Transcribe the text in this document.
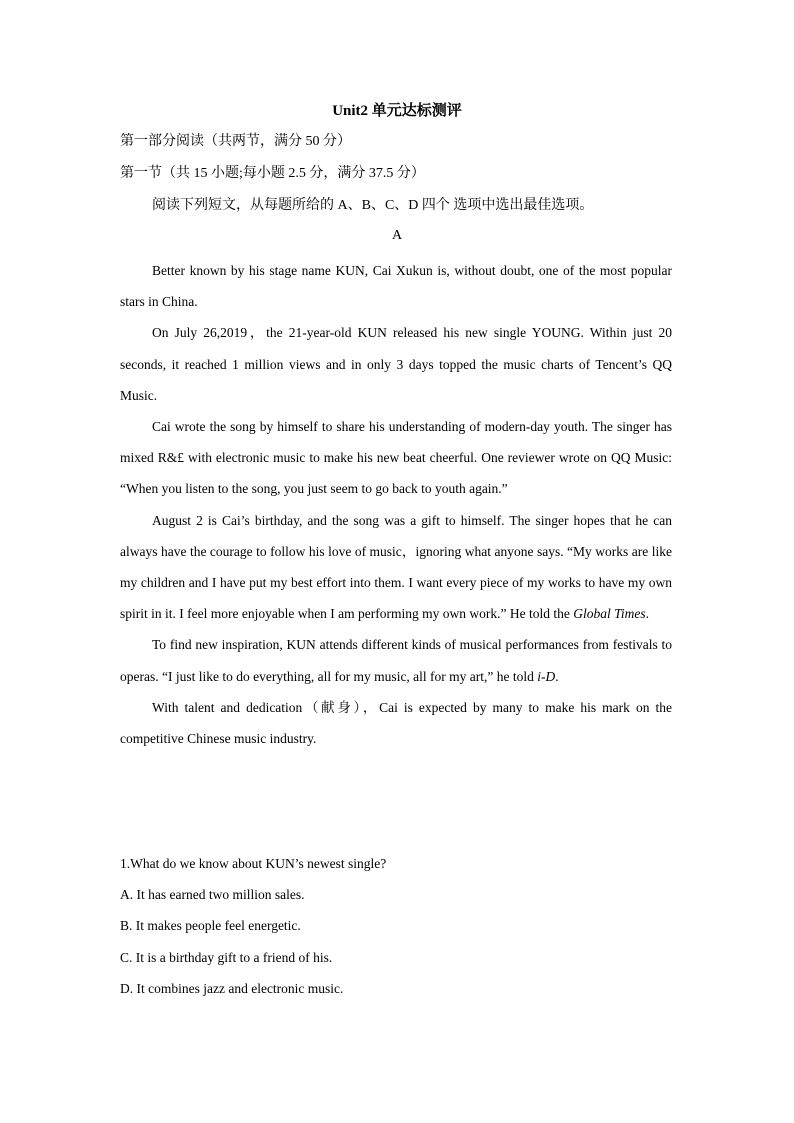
Unit2 单元达标测评
第一部分阅读（共两节，满分 50 分）
第一节（共 15 小题;每小题 2.5 分，满分 37.5 分）
阅读下列短文，从每题所给的 A、B、C、D 四个 选项中选出最佳选项。
A

Better known by his stage name KUN, Cai Xukun is, without doubt, one of the most popular stars in China.

On July 26,2019，the 21-year-old KUN released his new single YOUNG. Within just 20 seconds, it reached 1 million views and in only 3 days topped the music charts of Tencent’s QQ Music.

Cai wrote the song by himself to share his understanding of modern-day youth. The singer has mixed R&£ with electronic music to make his new beat cheerful. One reviewer wrote on QQ Music: “When you listen to the song, you just seem to go back to youth again.”

August 2 is Cai’s birthday, and the song was a gift to himself. The singer hopes that he can always have the courage to follow his love of music，ignoring what anyone says. “My works are like my children and I have put my best effort into them. I want every piece of my works to have my own spirit in it. I feel more enjoyable when I am performing my own work.” He told the Global Times.

To find new inspiration, KUN attends different kinds of musical performances from festivals to operas. “I just like to do everything, all for my music, all for my art,” he told i-D.

With talent and dedication（献身），Cai is expected by many to make his mark on the competitive Chinese music industry.

1.What do we know about KUN’s newest single?
A. It has earned two million sales.
B. It makes people feel energetic.
C. It is a birthday gift to a friend of his.
D. It combines jazz and electronic music.
